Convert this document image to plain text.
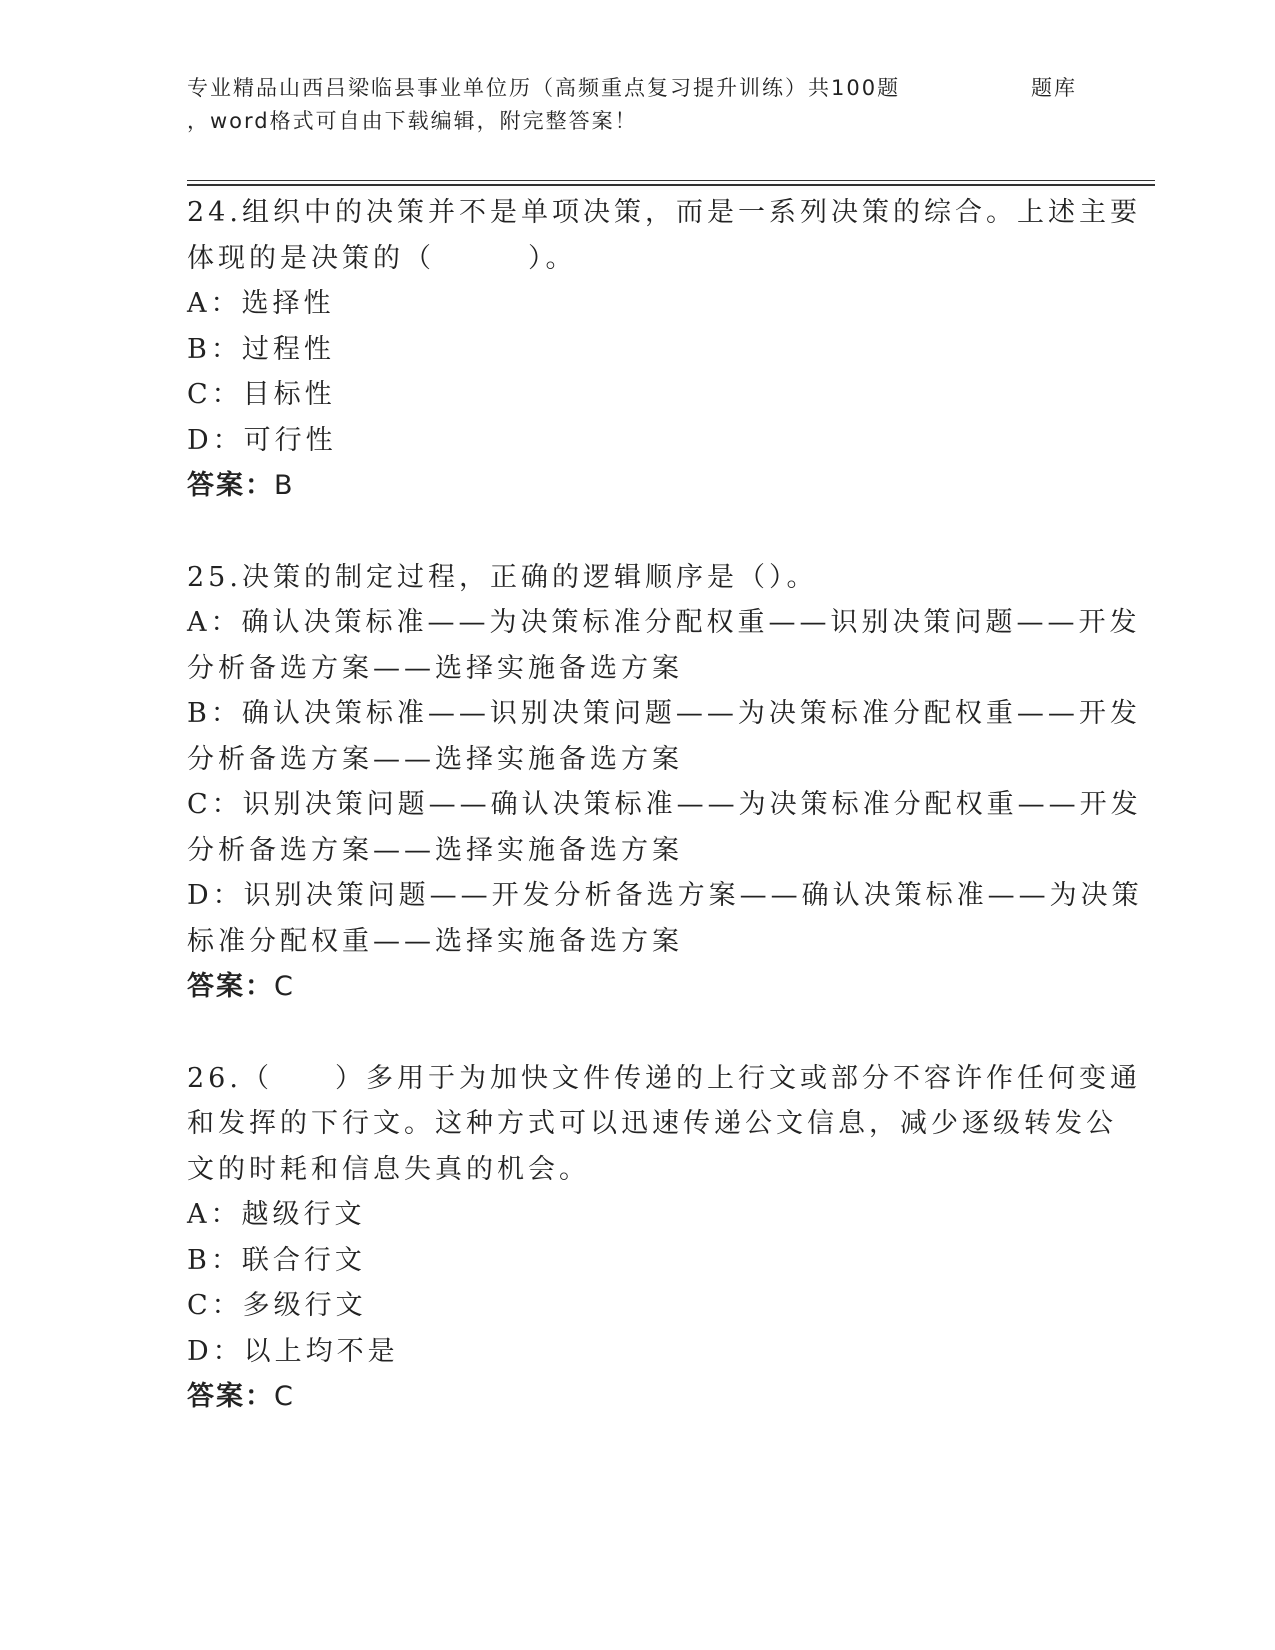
专业精品山西吕梁临县事业单位历（高频重点复习提升训练）共100题
，word格式可自由下载编辑，附完整答案！
题库
24.组织中的决策并不是单项决策，而是一系列决策的综合。上述主要
体现的是决策的（　　　）。
A：选择性
B：过程性
C：目标性
D：可行性
答案：B
25.决策的制定过程，正确的逻辑顺序是（）。
A：确认决策标准——为决策标准分配权重——识别决策问题——开发
分析备选方案——选择实施备选方案
B：确认决策标准——识别决策问题——为决策标准分配权重——开发
分析备选方案——选择实施备选方案
C：识别决策问题——确认决策标准——为决策标准分配权重——开发
分析备选方案——选择实施备选方案
D：识别决策问题——开发分析备选方案——确认决策标准——为决策
标准分配权重——选择实施备选方案
答案：C
26.（　　）多用于为加快文件传递的上行文或部分不容许作任何变通
和发挥的下行文。这种方式可以迅速传递公文信息，减少逐级转发公
文的时耗和信息失真的机会。
A：越级行文
B：联合行文
C：多级行文
D：以上均不是
答案：C
